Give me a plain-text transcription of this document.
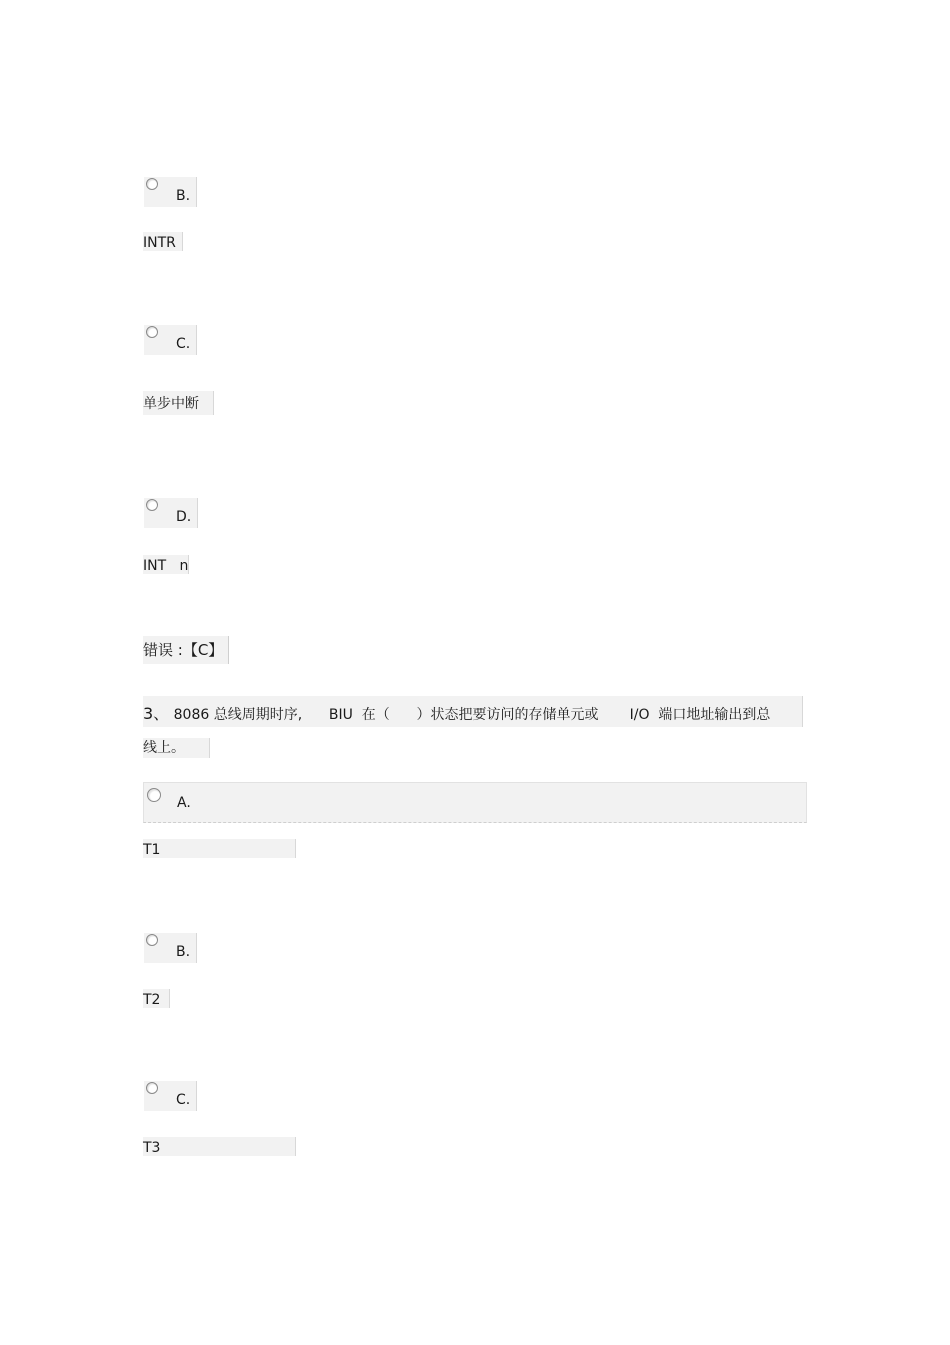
B.
INTR
C.
单步中断
D.
INT   n
错误 :【C】
3、 8086 总线周期时序,      BIU  在（      ）状态把要访问的存储单元或       I/O  端口地址输出到总
线上。
A.
T1
B.
T2
C.
T3
